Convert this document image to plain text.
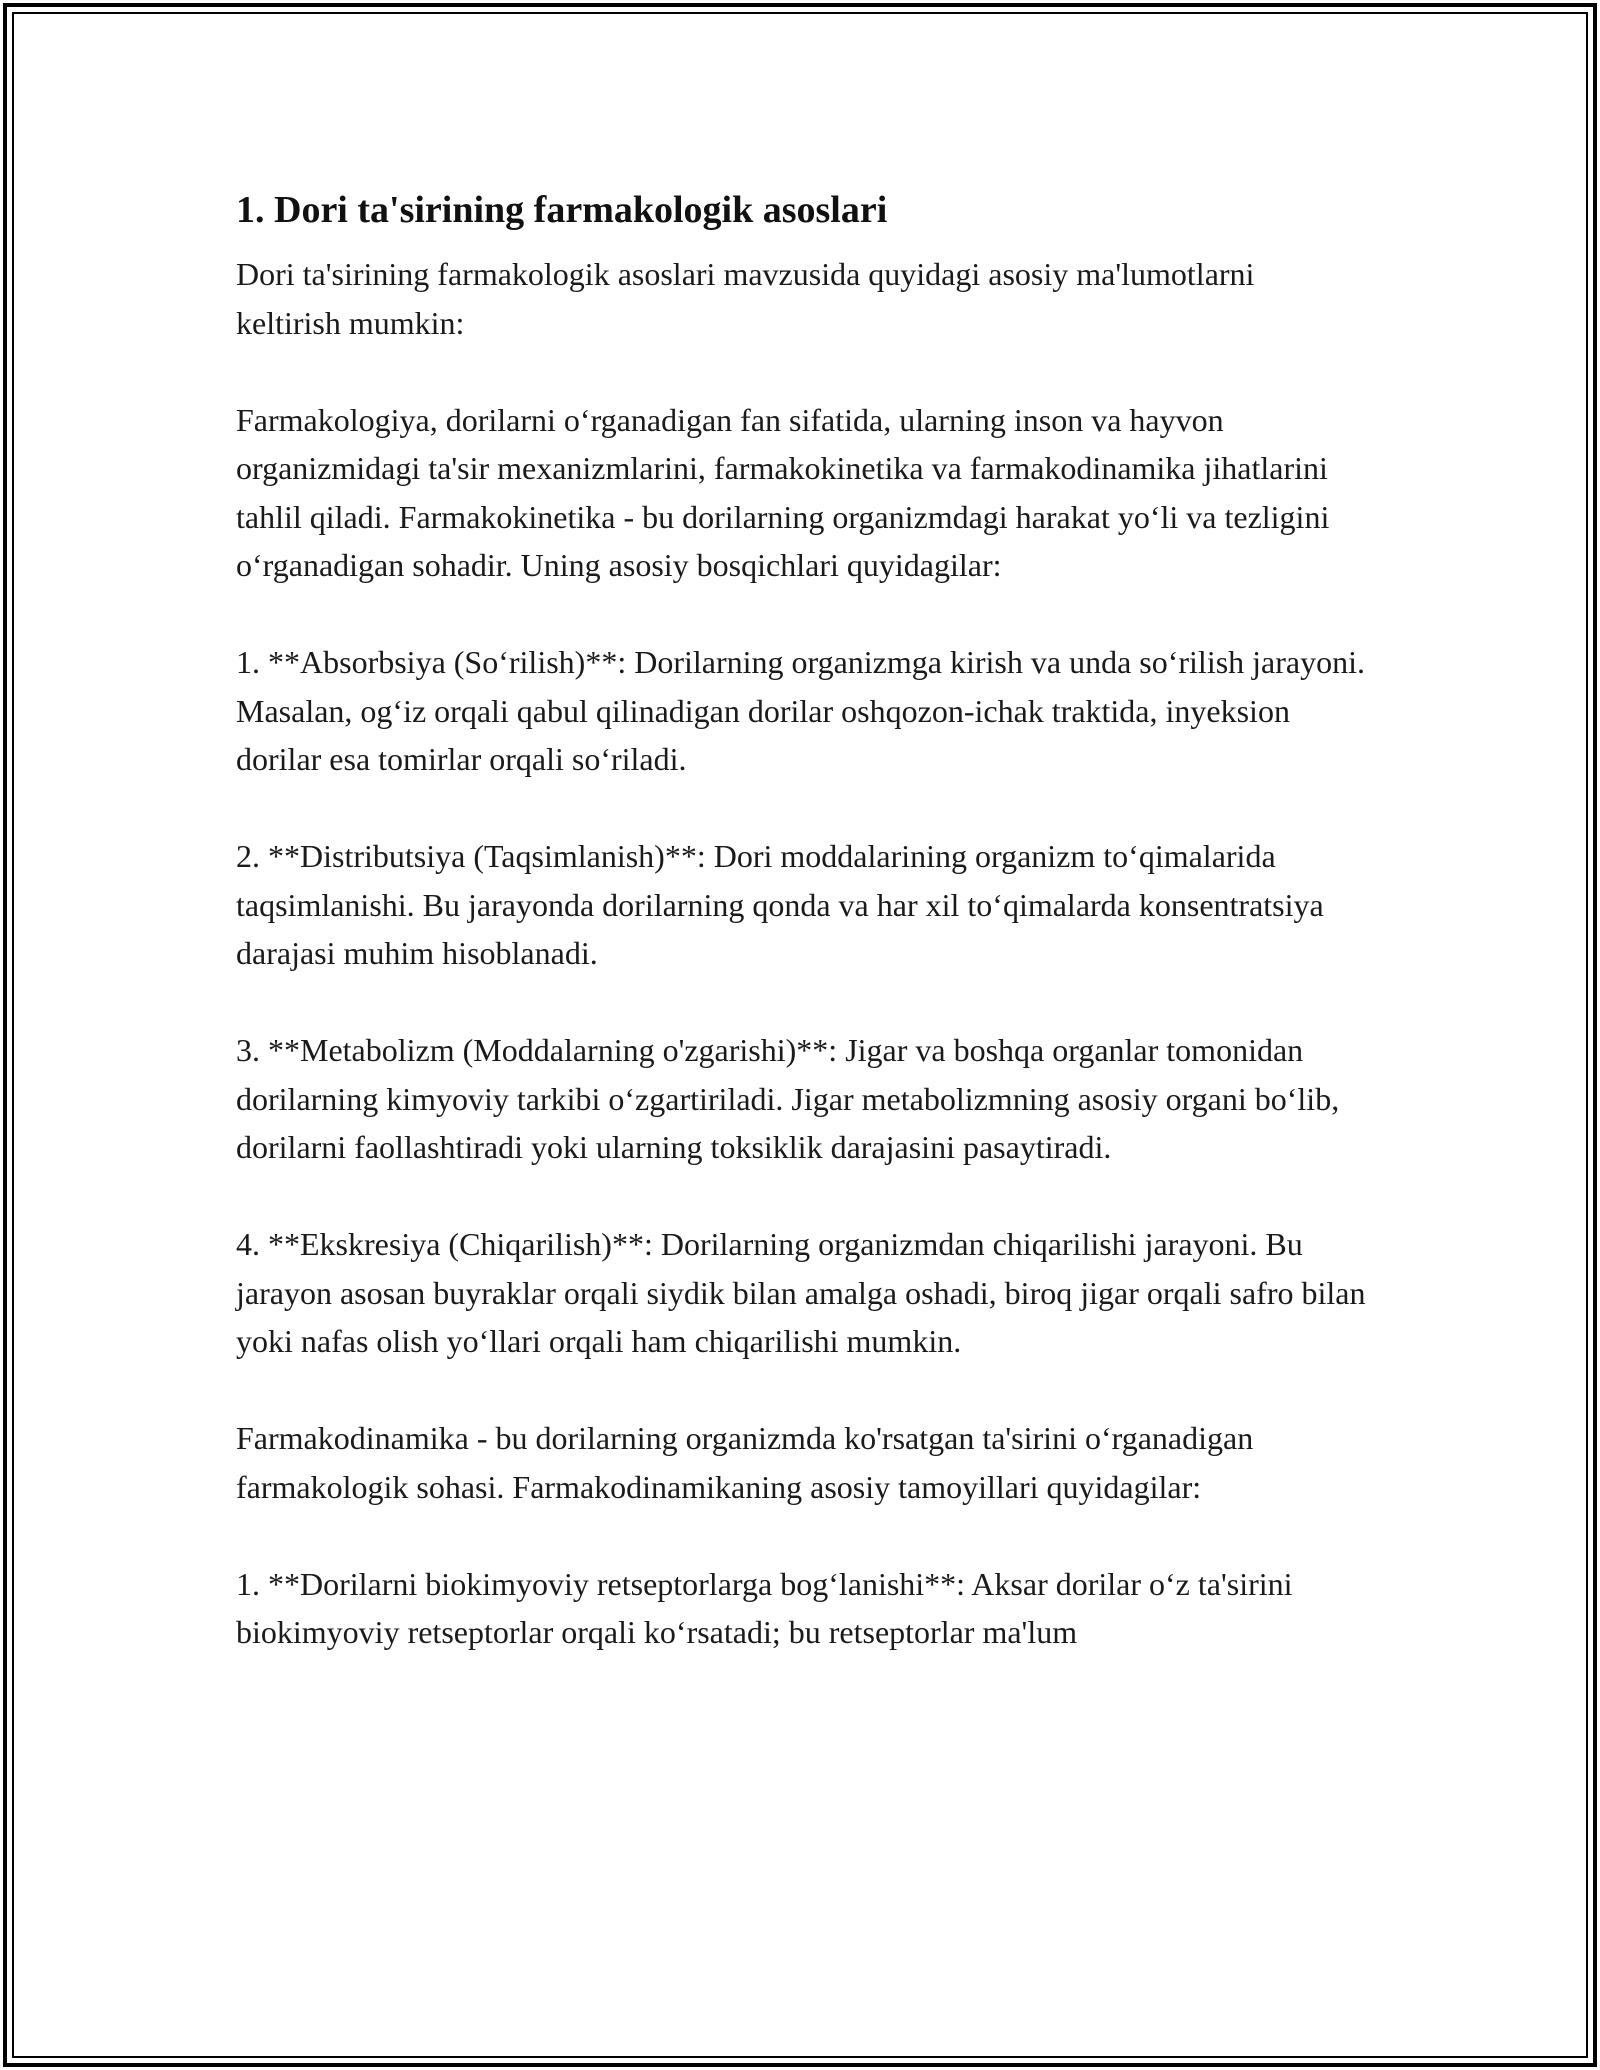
1. Dori ta'sirining farmakologik asoslari

Dori ta'sirining farmakologik asoslari mavzusida quyidagi asosiy ma'lumotlarni keltirish mumkin:

Farmakologiya, dorilarni o‘rganadigan fan sifatida, ularning inson va hayvon organizmidagi ta'sir mexanizmlarini, farmakokinetika va farmakodinamika jihatlarini tahlil qiladi. Farmakokinetika - bu dorilarning organizmdagi harakat yo‘li va tezligini o‘rganadigan sohadir. Uning asosiy bosqichlari quyidagilar:

1. **Absorbsiya (So‘rilish)**: Dorilarning organizmga kirish va unda so‘rilish jarayoni. Masalan, og‘iz orqali qabul qilinadigan dorilar oshqozon-ichak traktida, inyeksion dorilar esa tomirlar orqali so‘riladi.

2. **Distributsiya (Taqsimlanish)**: Dori moddalarining organizm to‘qimalarida taqsimlanishi. Bu jarayonda dorilarning qonda va har xil to‘qimalarda konsentratsiya darajasi muhim hisoblanadi.

3. **Metabolizm (Moddalarning o'zgarishi)**: Jigar va boshqa organlar tomonidan dorilarning kimyoviy tarkibi o‘zgartiriladi. Jigar metabolizmning asosiy organi bo‘lib, dorilarni faollashtiradi yoki ularning toksiklik darajasini pasaytiradi.

4. **Ekskresiya (Chiqarilish)**: Dorilarning organizmdan chiqarilishi jarayoni. Bu jarayon asosan buyraklar orqali siydik bilan amalga oshadi, biroq jigar orqali safro bilan yoki nafas olish yo‘llari orqali ham chiqarilishi mumkin.

Farmakodinamika - bu dorilarning organizmda ko'rsatgan ta'sirini o‘rganadigan farmakologik sohasi. Farmakodinamikaning asosiy tamoyillari quyidagilar:

1. **Dorilarni biokimyoviy retseptorlarga bog‘lanishi**: Aksar dorilar o‘z ta'sirini biokimyoviy retseptorlar orqali ko‘rsatadi; bu retseptorlar ma'lum
